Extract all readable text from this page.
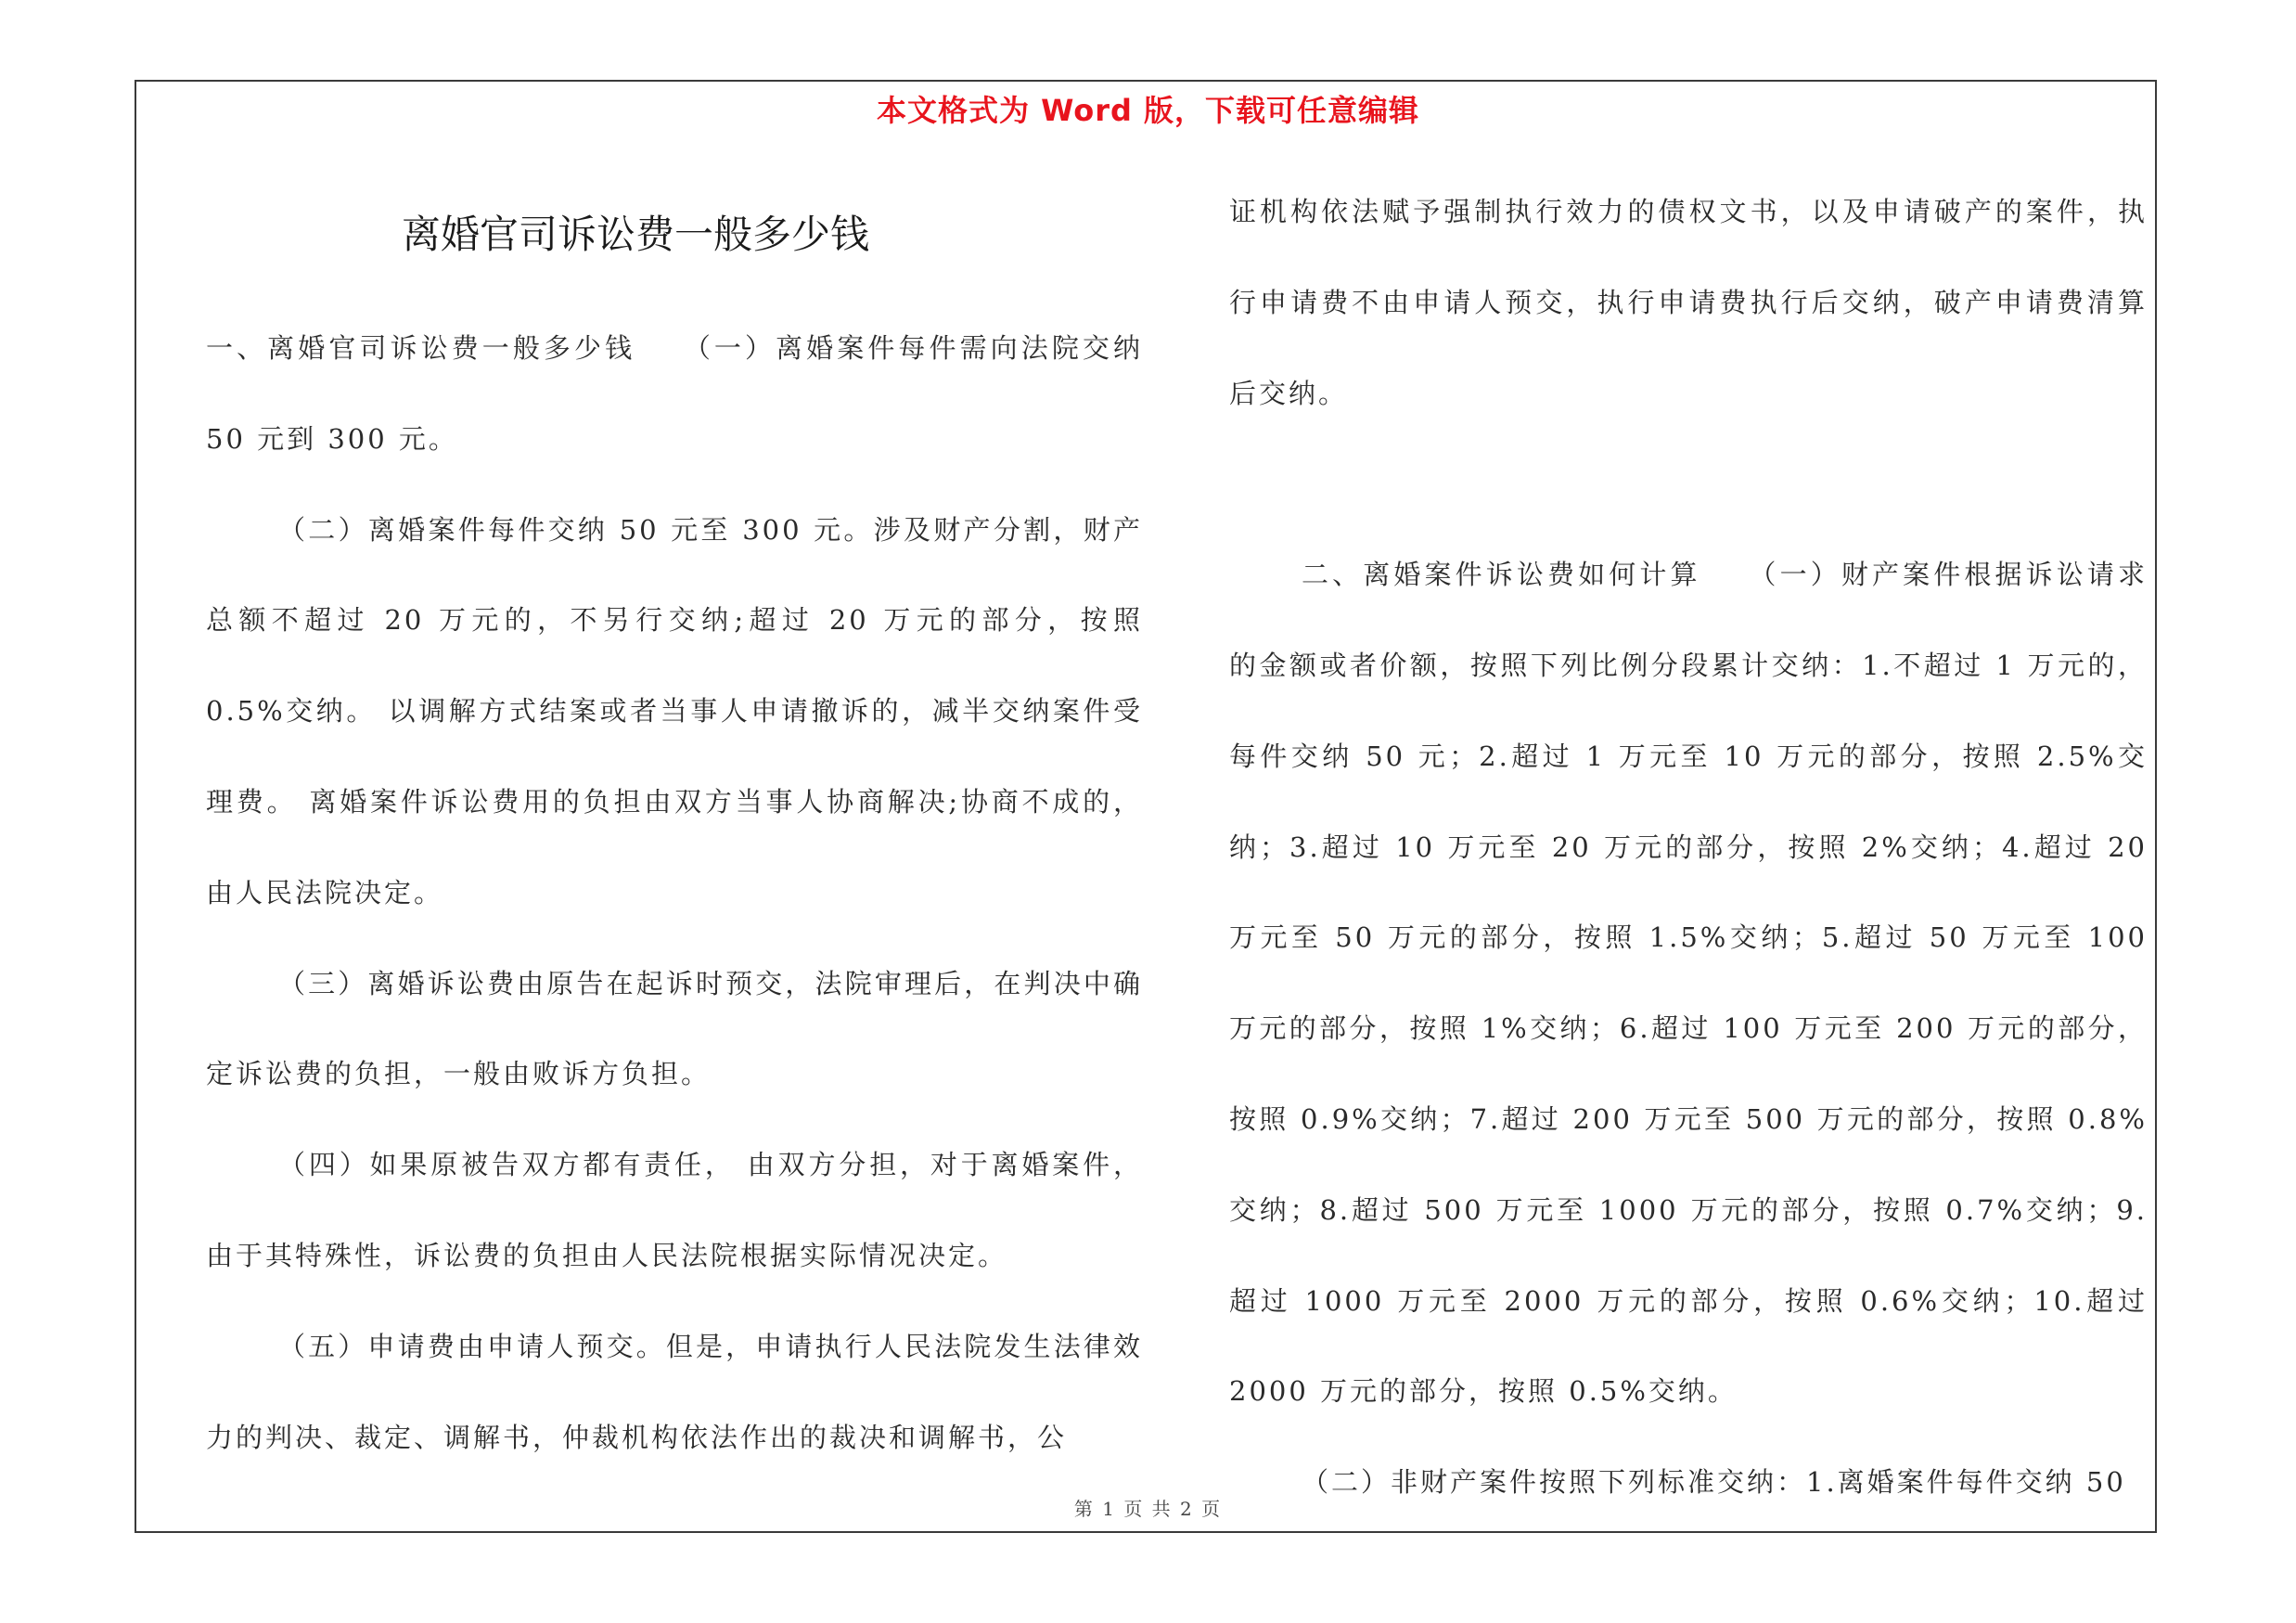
本文格式为 Word 版，下载可任意编辑
离婚官司诉讼费一般多少钱

一、离婚官司诉讼费一般多少钱　　（一）离婚案件每件需向法院交纳 50 元到 300 元。

（二）离婚案件每件交纳 50 元至 300 元。涉及财产分割，财产总额不超过 20 万元的，不另行交纳;超过 20 万元的部分，按照 0.5%交纳。 以调解方式结案或者当事人申请撤诉的，减半交纳案件受理费。 离婚案件诉讼费用的负担由双方当事人协商解决;协商不成的，由人民法院决定。

（三）离婚诉讼费由原告在起诉时预交，法院审理后，在判决中确定诉讼费的负担，一般由败诉方负担。

（四）如果原被告双方都有责任， 由双方分担，对于离婚案件，由于其特殊性，诉讼费的负担由人民法院根据实际情况决定。

（五）申请费由申请人预交。但是，申请执行人民法院发生法律效力的判决、裁定、调解书，仲裁机构依法作出的裁决和调解书，公

证机构依法赋予强制执行效力的债权文书，以及申请破产的案件，执行申请费不由申请人预交，执行申请费执行后交纳，破产申请费清算后交纳。

二、离婚案件诉讼费如何计算　　（一）财产案件根据诉讼请求的金额或者价额，按照下列比例分段累计交纳：1.不超过 1 万元的，每件交纳 50 元；2.超过 1 万元至 10 万元的部分，按照 2.5%交纳；3.超过 10 万元至 20 万元的部分，按照 2%交纳；4.超过 20 万元至 50 万元的部分，按照 1.5%交纳；5.超过 50 万元至 100 万元的部分，按照 1%交纳；6.超过 100 万元至 200 万元的部分，按照 0.9%交纳；7.超过 200 万元至 500 万元的部分，按照 0.8%交纳；8.超过 500 万元至 1000 万元的部分，按照 0.7%交纳；9.超过 1000 万元至 2000 万元的部分，按照 0.6%交纳；10.超过 2000 万元的部分，按照 0.5%交纳。

（二）非财产案件按照下列标准交纳：1.离婚案件每件交纳 50

第 1 页 共 2 页
